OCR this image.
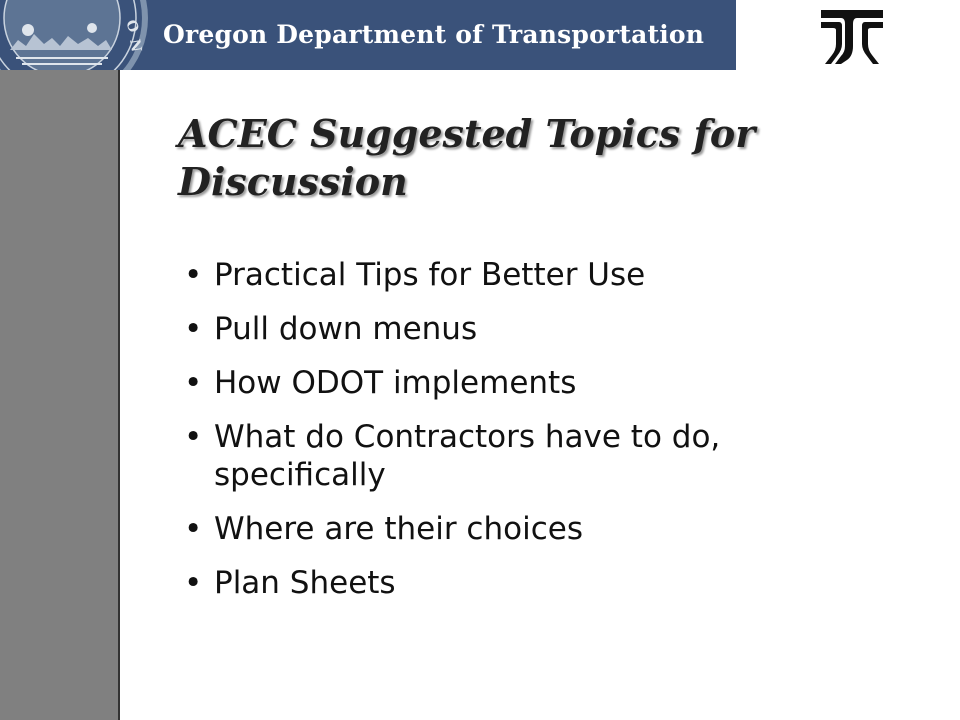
O
N Oregon Department of Transportation
ACEC Suggested Topics for Discussion
• Practical Tips for Better Use
• Pull down menus
• How ODOT implements
• What do Contractors have to do, specifically
• Where are their choices
• Plan Sheets
